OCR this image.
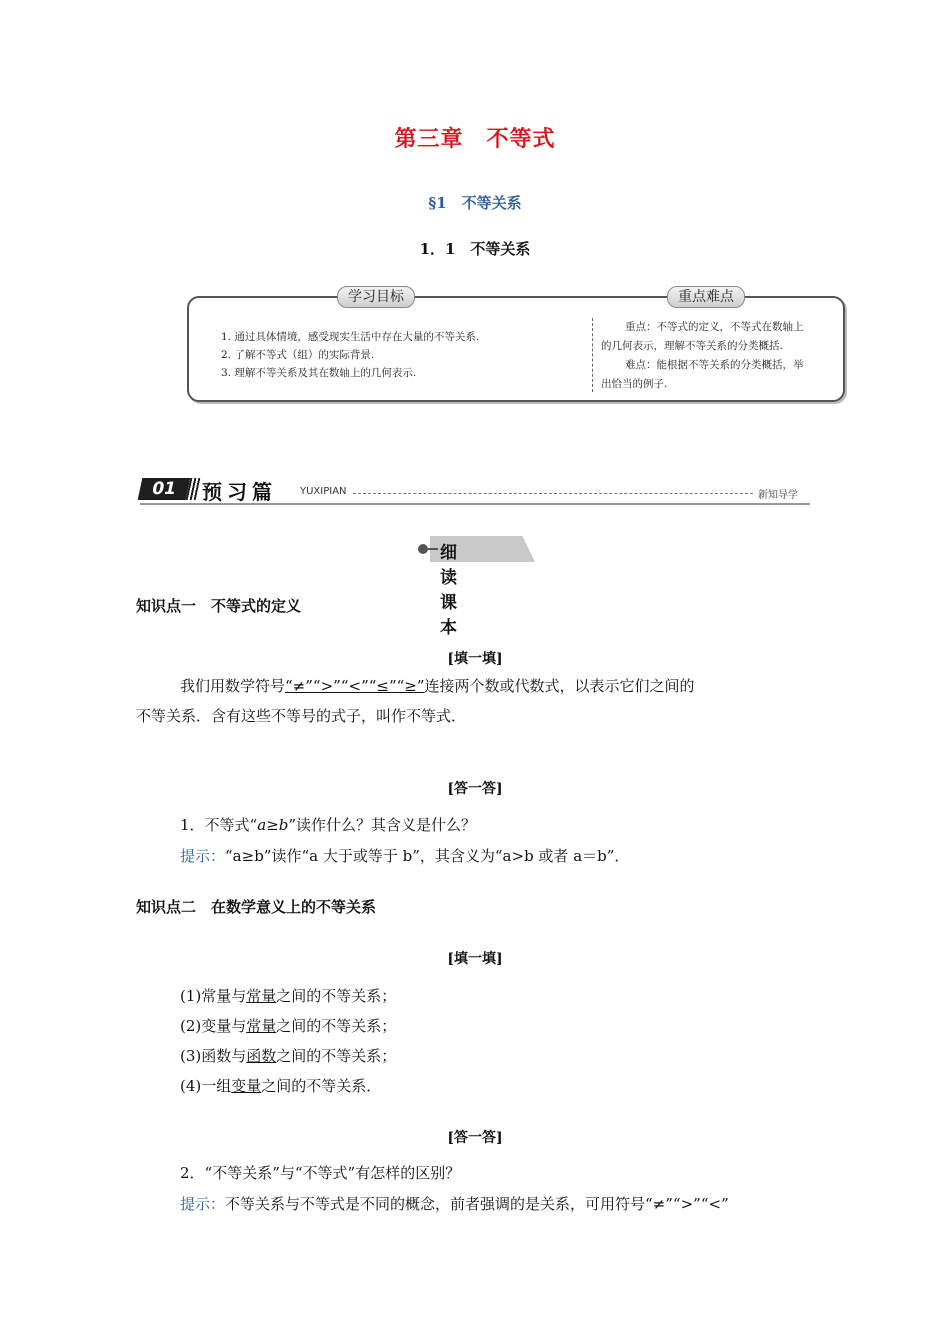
第三章　不等式
§1　不等关系
1．1　不等关系
学习目标	重点难点
1. 通过具体情境，感受现实生活中存在大量的不等关系.
2. 了解不等式（组）的实际背景.
3. 理解不等关系及其在数轴上的几何表示.
重点：不等式的定义，不等式在数轴上
的几何表示，理解不等关系的分类概括.
难点：能根据不等关系的分类概括，举
出恰当的例子.
01	预习篇 YUXIPIAN	新知导学
细读课本
知识点一　不等式的定义
[填一填]
我们用数学符号“≠”“>”“<”“≤”“≥”连接两个数或代数式，以表示它们之间的
不等关系．含有这些不等号的式子，叫作不等式．
[答一答]
1．不等式“a≥b”读作什么？其含义是什么？
提示：“a≥b”读作“a 大于或等于 b”，其含义为“a>b 或者 a＝b”．
知识点二　在数学意义上的不等关系
[填一填]
(1)常量与常量之间的不等关系；
(2)变量与常量之间的不等关系；
(3)函数与函数之间的不等关系；
(4)一组变量之间的不等关系．
[答一答]
2．“不等关系”与“不等式”有怎样的区别？
提示：不等关系与不等式是不同的概念，前者强调的是关系，可用符号“≠”“>”“<”
